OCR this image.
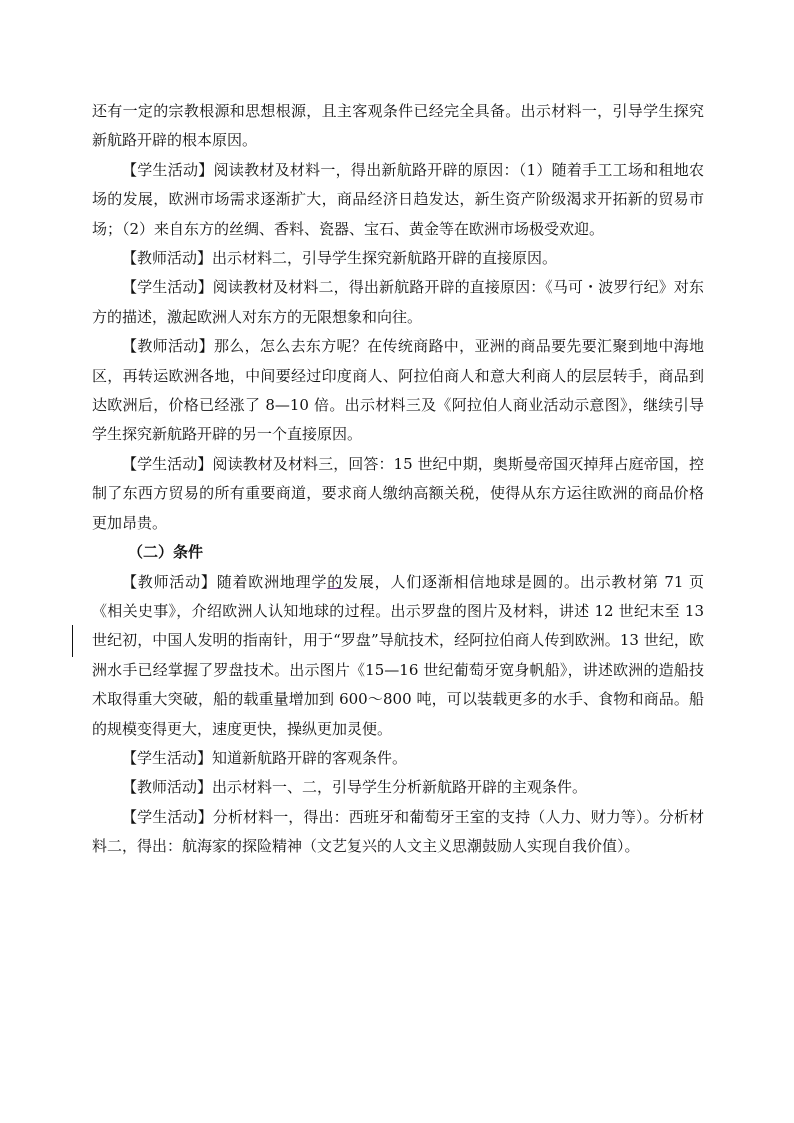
还有一定的宗教根源和思想根源，且主客观条件已经完全具备。出示材料一，引导学生探究新航路开辟的根本原因。

【学生活动】阅读教材及材料一，得出新航路开辟的原因：（1）随着手工工场和租地农场的发展，欧洲市场需求逐渐扩大，商品经济日趋发达，新生资产阶级渴求开拓新的贸易市场；（2）来自东方的丝绸、香料、瓷器、宝石、黄金等在欧洲市场极受欢迎。

【教师活动】出示材料二，引导学生探究新航路开辟的直接原因。

【学生活动】阅读教材及材料二，得出新航路开辟的直接原因：《马可・波罗行纪》对东方的描述，激起欧洲人对东方的无限想象和向往。

【教师活动】那么，怎么去东方呢？在传统商路中，亚洲的商品要先要汇聚到地中海地区，再转运欧洲各地，中间要经过印度商人、阿拉伯商人和意大利商人的层层转手，商品到达欧洲后，价格已经涨了 8—10 倍。出示材料三及《阿拉伯人商业活动示意图》，继续引导学生探究新航路开辟的另一个直接原因。

【学生活动】阅读教材及材料三，回答：15 世纪中期，奥斯曼帝国灭掉拜占庭帝国，控制了东西方贸易的所有重要商道，要求商人缴纳高额关税，使得从东方运往欧洲的商品价格更加昂贵。

（二）条件

【教师活动】随着欧洲地理学的发展，人们逐渐相信地球是圆的。出示教材第 71 页《相关史事》，介绍欧洲人认知地球的过程。出示罗盘的图片及材料，讲述 12 世纪末至 13 世纪初，中国人发明的指南针，用于“罗盘”导航技术，经阿拉伯商人传到欧洲。13 世纪，欧洲水手已经掌握了罗盘技术。出示图片《15—16 世纪葡萄牙宽身帆船》，讲述欧洲的造船技术取得重大突破，船的载重量增加到 600～800 吨，可以装载更多的水手、食物和商品。船的规模变得更大，速度更快，操纵更加灵便。

【学生活动】知道新航路开辟的客观条件。

【教师活动】出示材料一、二，引导学生分析新航路开辟的主观条件。

【学生活动】分析材料一，得出：西班牙和葡萄牙王室的支持（人力、财力等）。分析材料二，得出：航海家的探险精神（文艺复兴的人文主义思潮鼓励人实现自我价值）。
